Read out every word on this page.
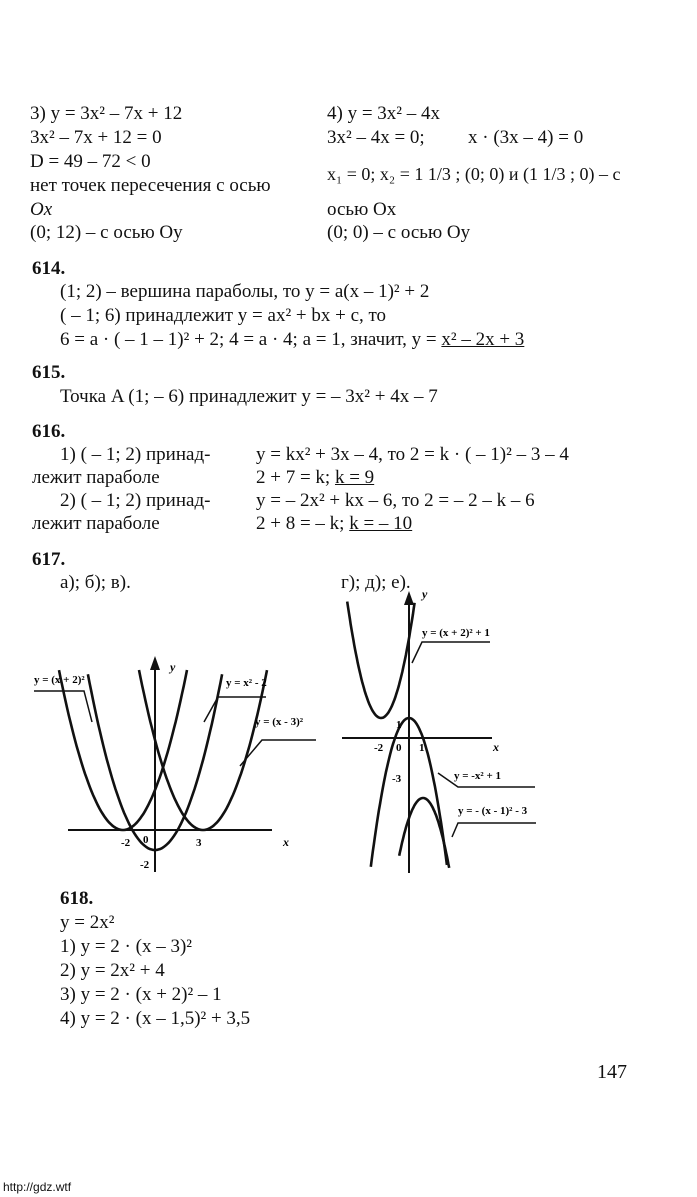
3) y = 3x² – 7x + 12
3x² – 7x + 12 = 0
D = 49 – 72 < 0
нет точек пересечения с осью
Ox
(0; 12) – с осью Oy
4) y = 3x² – 4x
3x² – 4x = 0; x · (3x – 4) = 0
x₁ = 0; x₂ = 1 1/3 ; (0; 0) и (1 1/3 ; 0) – с
осью Ox
(0; 0) – с осью Oy
614.
(1; 2) – вершина параболы, то y = a(x – 1)² + 2
( – 1; 6) принадлежит y = ax² + bx + c, то
6 = a · ( – 1 – 1)² + 2; 4 = a · 4; a = 1, значит, y = x² – 2x + 3
615.
Точка A (1; – 6) принадлежит y = – 3x² + 4x – 7
616.
1) ( – 1; 2) принад- y = kx² + 3x – 4, то 2 = k · ( – 1)² – 3 – 4
лежит параболе	2 + 7 = k; k = 9
2) ( – 1; 2) принад- y = – 2x² + kx – 6, то 2 = – 2 – k – 6
лежит параболе	2 + 8 = – k; k = – 10
617.
а); б); в).	г); д); е).
y = (x + 2)²	y = x² - 2
y = (x - 3)²
y
x
-2 0	3
-2
y = (x + 2)² + 1
y = -x² + 1
y = - (x - 1)² - 3
y
x
-2 0 1
1
-3
618.
y = 2x²
1) y = 2 · (x – 3)²
2) y = 2x² + 4
3) y = 2 · (x + 2)² – 1
4) y = 2 · (x – 1,5)² + 3,5
147
http://gdz.wtf
